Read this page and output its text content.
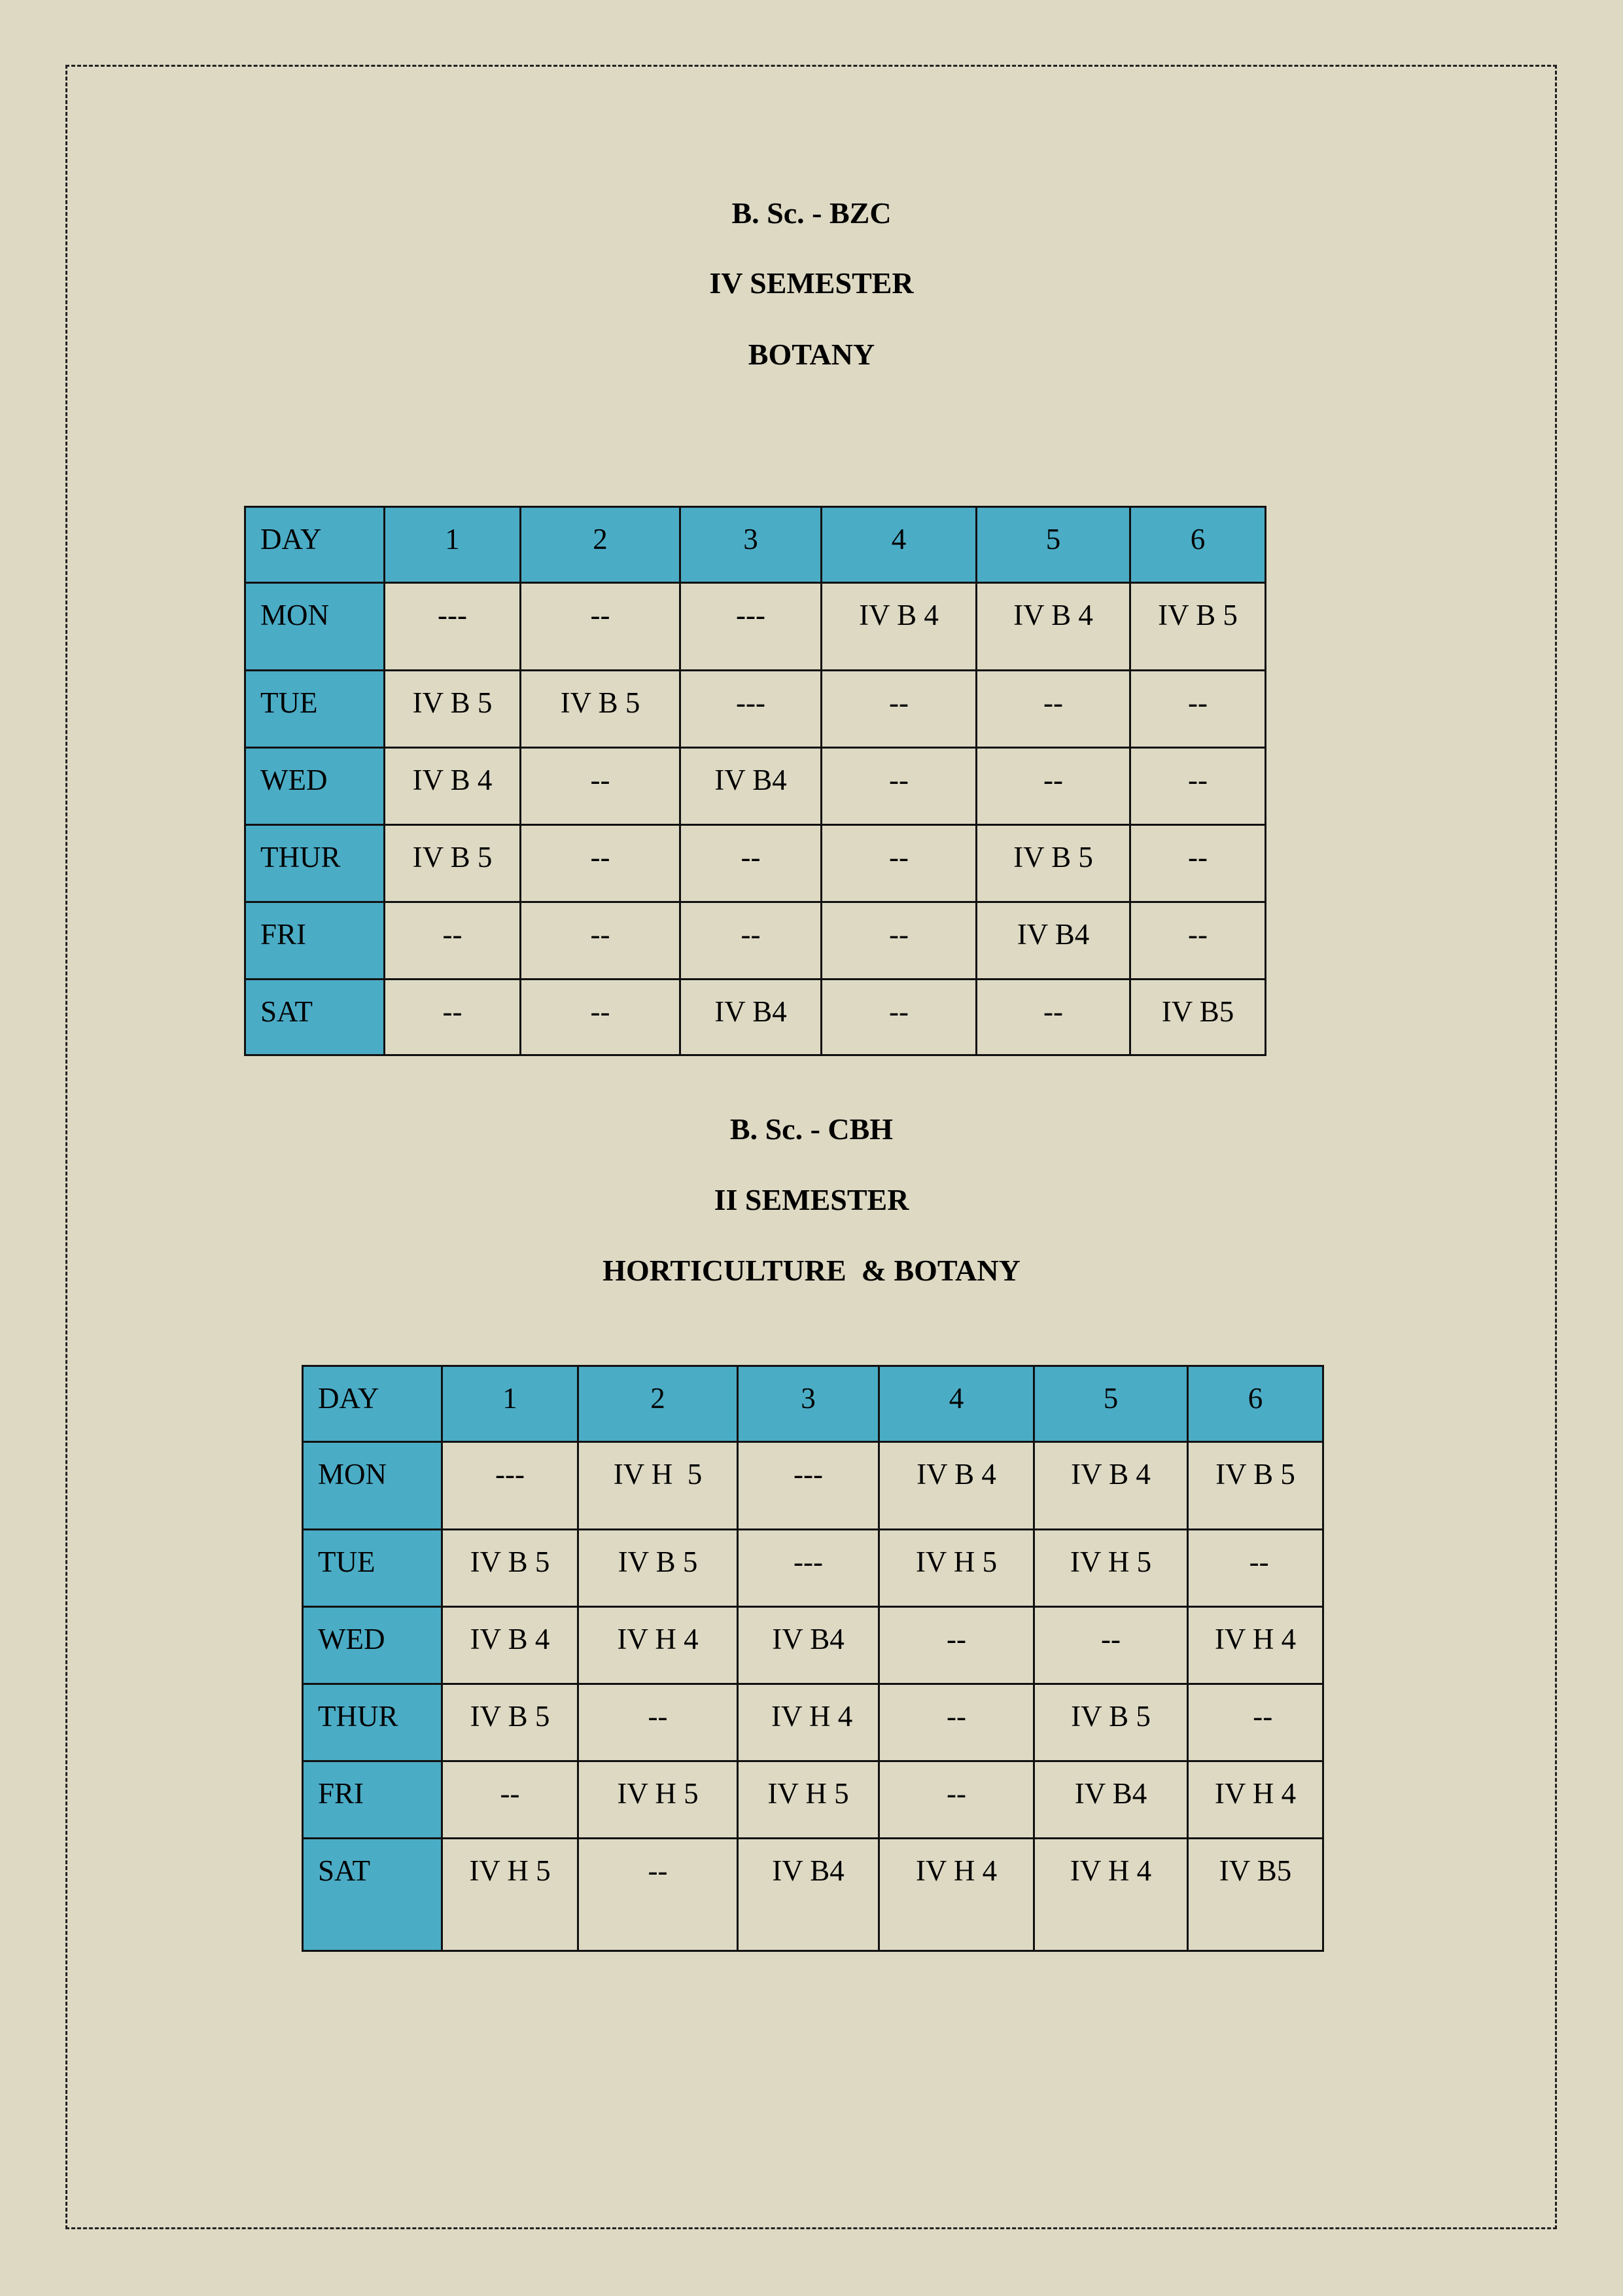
B. Sc. - BZC
IV SEMESTER
BOTANY
DAY	1	2	3	4	5	6
MON	---	--	---	IV B 4	IV B 4	IV B 5
TUE	IV B 5	IV B 5	---	--	--	--
WED	IV B 4	--	IV B4	--	--	--
THUR	IV B 5	--	--	--	IV B 5	--
FRI	--	--	--	--	IV B4	--
SAT	--	--	IV B4	--	--	IV B5
B. Sc. - CBH
II SEMESTER
HORTICULTURE  & BOTANY
DAY	1	2	3	4	5	6
MON	---	IV H  5	---	IV B 4	IV B 4	IV B 5
TUE	IV B 5	IV B 5	---	IV H 5	IV H 5	--
WED	IV B 4	IV H 4	IV B4	--	--	IV H 4
THUR	IV B 5	--	IV H 4	--	IV B 5	--
FRI	--	IV H 5	IV H 5	--	IV B4	IV H 4
SAT	IV H 5	--	IV B4	IV H 4	IV H 4	IV B5
